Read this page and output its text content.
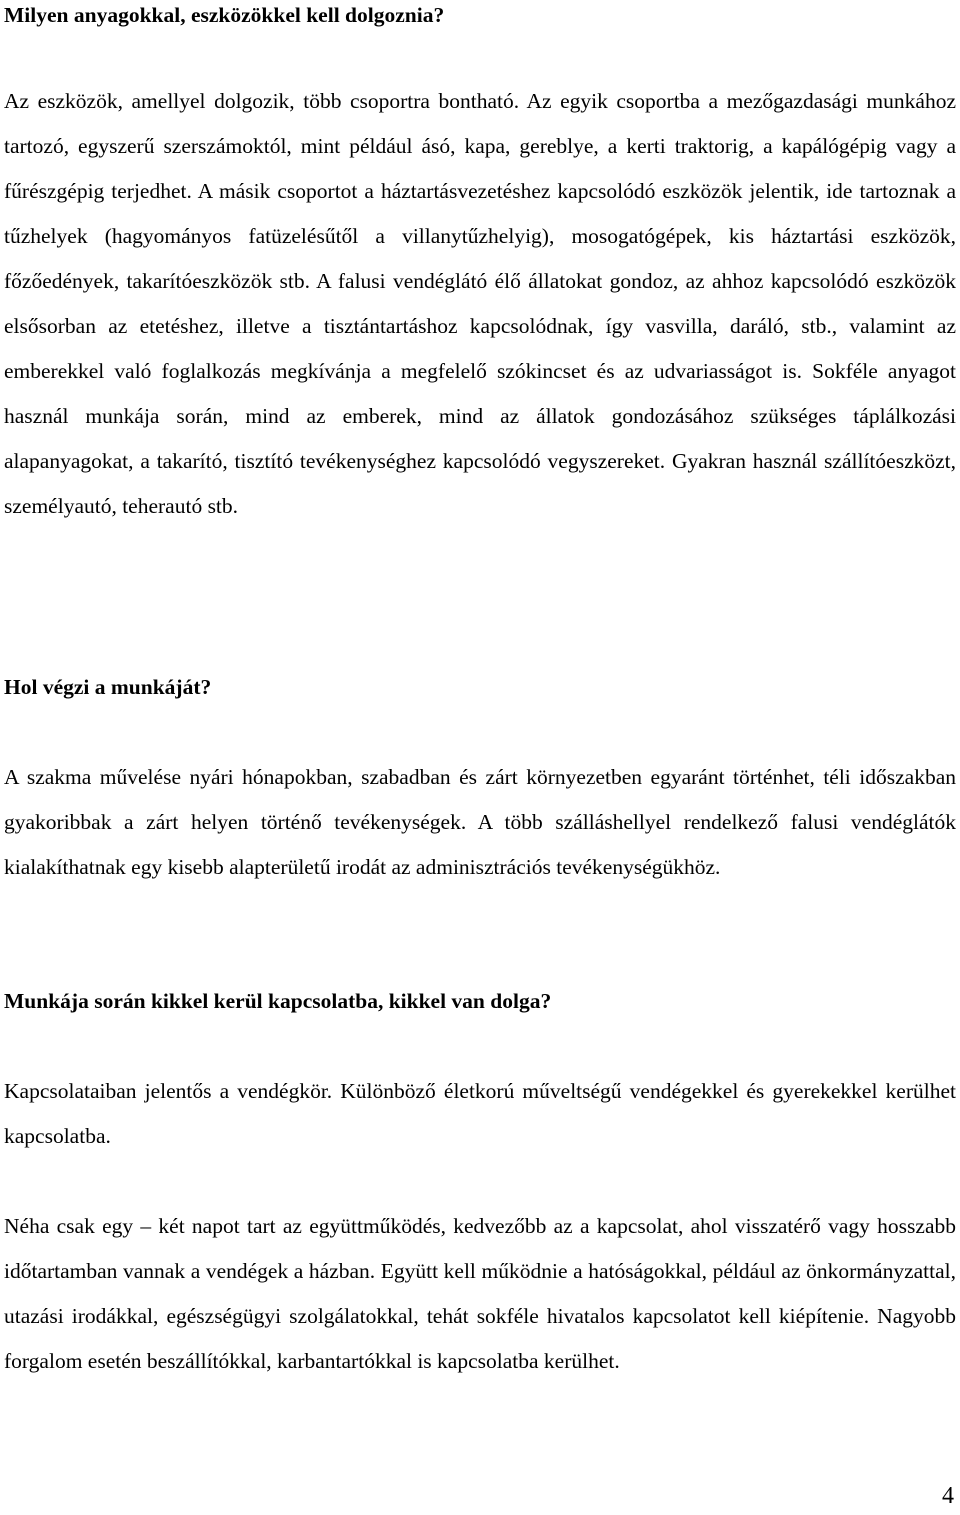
Milyen anyagokkal, eszközökkel kell dolgoznia?

Az eszközök, amellyel dolgozik, több csoportra bontható. Az egyik csoportba a mezőgazdasági munkához tartozó, egyszerű szerszámoktól, mint például ásó, kapa, gereblye, a kerti traktorig, a kapálógépig vagy a fűrészgépig terjedhet. A másik csoportot a háztartásvezetéshez kapcsolódó eszközök jelentik, ide tartoznak a tűzhelyek (hagyományos fatüzelésűtől a villanytűzhelyig), mosogatógépek, kis háztartási eszközök, főzőedények, takarítóeszközök stb. A falusi vendéglátó élő állatokat gondoz, az ahhoz kapcsolódó eszközök elsősorban az etetéshez, illetve a tisztántartáshoz kapcsolódnak, így vasvilla, daráló, stb., valamint az emberekkel való foglalkozás megkívánja a megfelelő szókincset és az udvariasságot is. Sokféle anyagot használ munkája során, mind az emberek, mind az állatok gondozásához szükséges táplálkozási alapanyagokat, a takarító, tisztító tevékenységhez kapcsolódó vegyszereket. Gyakran használ szállítóeszközt, személyautó, teherautó stb.

Hol végzi a munkáját?

A szakma művelése nyári hónapokban, szabadban és zárt környezetben egyaránt történhet, téli időszakban gyakoribbak a zárt helyen történő tevékenységek. A több szálláshellyel rendelkező falusi vendéglátók kialakíthatnak egy kisebb alapterületű irodát az adminisztrációs tevékenységükhöz.

Munkája során kikkel kerül kapcsolatba, kikkel van dolga?

Kapcsolataiban jelentős a vendégkör. Különböző életkorú műveltségű vendégekkel és gyerekekkel kerülhet kapcsolatba.

Néha csak egy – két napot tart az együttműködés, kedvezőbb az a kapcsolat, ahol visszatérő vagy hosszabb időtartamban vannak a vendégek a házban. Együtt kell működnie a hatóságokkal, például az önkormányzattal, utazási irodákkal, egészségügyi szolgálatokkal, tehát sokféle hivatalos kapcsolatot kell kiépítenie. Nagyobb forgalom esetén beszállítókkal, karbantartókkal is kapcsolatba kerülhet.

4
